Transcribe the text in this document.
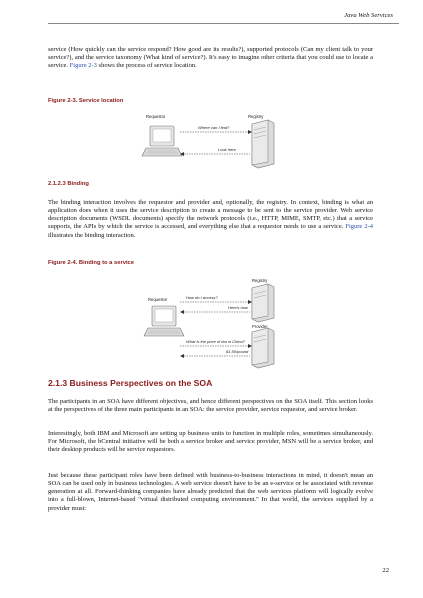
Java Web Services

service (How quickly can the service respond? How good are its results?), supported protocols (Can my client talk to your service?), and the service taxonomy (What kind of service?). It's easy to imagine other criteria that you could use to locate a service. Figure 2-3 shows the process of service location.

Figure 2-3. Service location

Requestor	Registry
Where can I find?
Look here

2.1.2.3 Binding

The binding interaction involves the requestor and provider and, optionally, the registry. In context, binding is what an application does when it uses the service description to create a message to be sent to the service provider. Web service description documents (WSDL documents) specify the network protocols (i.e., HTTP, MIME, SMTP, etc.) that a service supports, the APIs by which the service is accessed, and everything else that a requestor needs to use a service. Figure 2-4 illustrates the binding interaction.

Figure 2-4. Binding to a service

Registry
Requestor
Provider
How do I access?
Here's how
What is the price of tea in China?
$1.50/pound

2.1.3 Business Perspectives on the SOA

The participants in an SOA have different objectives, and hence different perspectives on the SOA itself. This section looks at the perspectives of the three main participants in an SOA: the service provider, service requestor, and service broker.

Interestingly, both IBM and Microsoft are setting up business units to function in multiple roles, sometimes simultaneously. For Microsoft, the bCentral initiative will be both a service broker and service provider, MSN will be a service broker, and their desktop products will be service requestors.

Just because these participant roles have been defined with business-to-business interactions in mind, it doesn't mean an SOA can be used only in business technologies. A web service doesn't have to be an e-service or be associated with revenue generation at all. Forward-thinking companies have already predicted that the web services platform will logically evolve into a full-blown, Internet-based "virtual distributed computing environment." In that world, the services supplied by a provider must:

22
